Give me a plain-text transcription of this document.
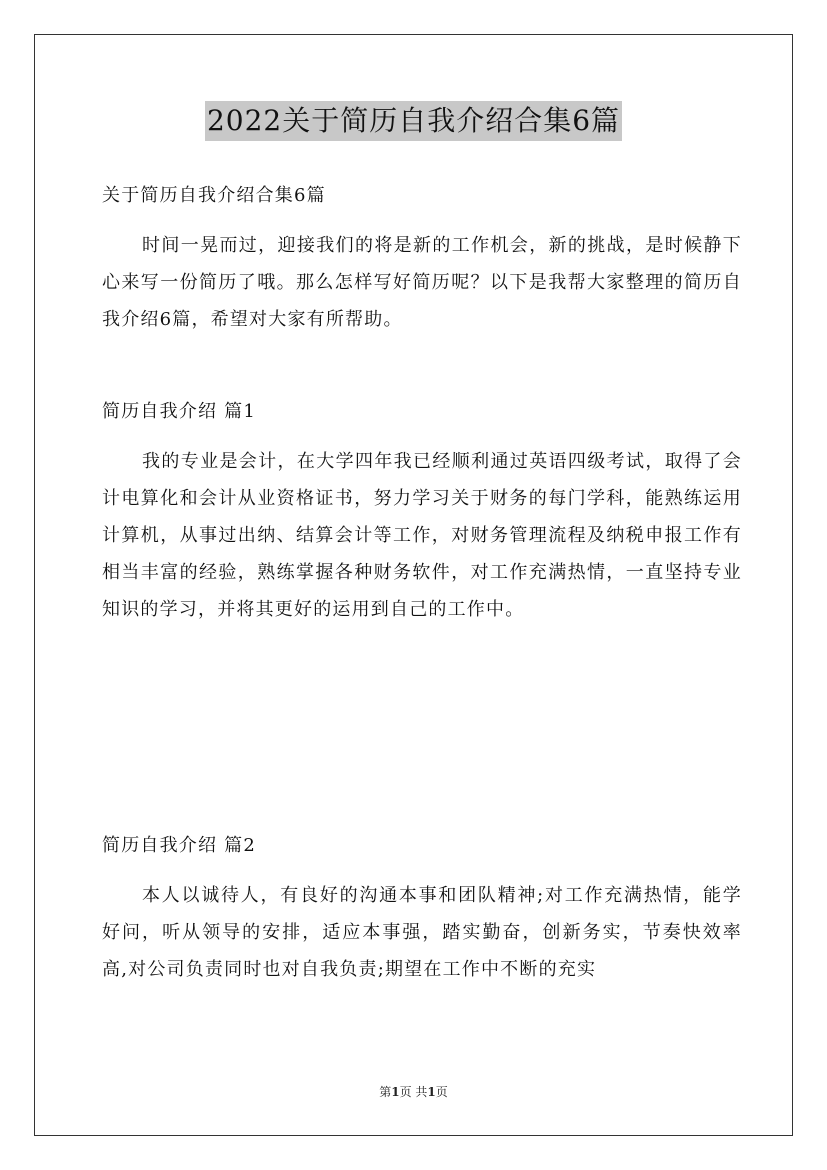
2022关于简历自我介绍合集6篇
关于简历自我介绍合集6篇

时间一晃而过，迎接我们的将是新的工作机会，新的挑战，是时候静下心来写一份简历了哦。那么怎样写好简历呢？以下是我帮大家整理的简历自我介绍6篇，希望对大家有所帮助。

简历自我介绍 篇1

我的专业是会计，在大学四年我已经顺利通过英语四级考试，取得了会计电算化和会计从业资格证书，努力学习关于财务的每门学科，能熟练运用计算机，从事过出纳、结算会计等工作，对财务管理流程及纳税申报工作有相当丰富的经验，熟练掌握各种财务软件，对工作充满热情，一直坚持专业知识的学习，并将其更好的运用到自己的工作中。

简历自我介绍 篇2

本人以诚待人，有良好的沟通本事和团队精神;对工作充满热情，能学好问，听从领导的安排，适应本事强，踏实勤奋，创新务实，节奏快效率高,对公司负责同时也对自我负责;期望在工作中不断的充实

第1页 共1页
